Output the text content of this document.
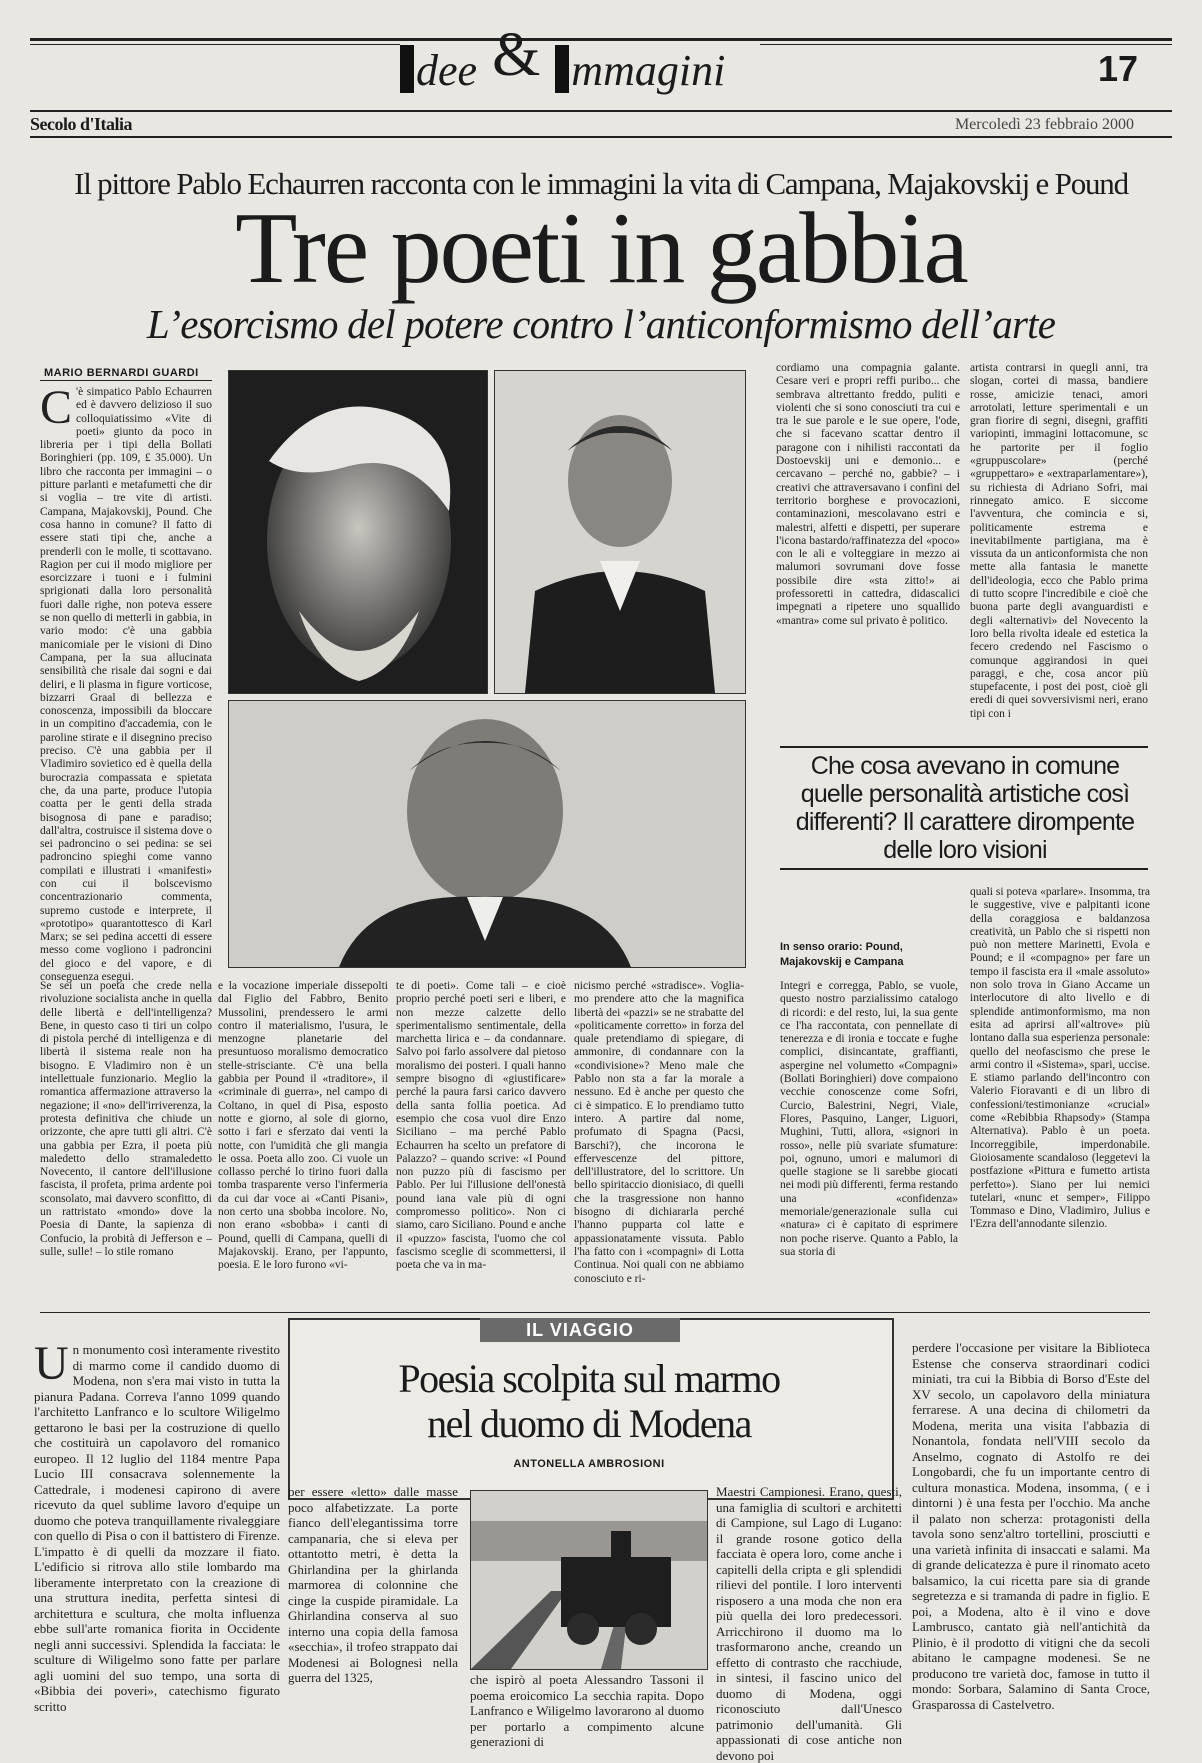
dee & mmagini	17
Secolo d'Italia	Mercoledì 23 febbraio 2000
Il pittore Pablo Echaurren racconta con le immagini la vita di Campana, Majakovskij e Pound
Tre poeti in gabbia
L’esorcismo del potere contro l’anticonformismo dell’arte
MARIO BERNARDI GUARDI

C 'è simpatico Pablo Echaurren ed è davvero delizioso il suo colloquiatissimo «Vite di poeti» giunto da poco in libreria per i tipi della Bollati Boringhieri (pp. 109, £ 35.000). Un libro che racconta per immagini – o pitture parlanti e metafumetti che dir si voglia – tre vite di artisti. Campana, Majakovskij, Pound. Che cosa hanno in comune? Il fatto di essere stati tipi che, anche a prenderli con le molle, ti scottavano. Ragion per cui il modo migliore per esorcizzare i tuoni e i fulmini sprigionati dalla loro personalità fuori dalle righe, non poteva essere se non quello di metterli in gabbia, in vario modo: c'è una gabbia manicomiale per le visioni di Dino Campana, per la sua allucinata sensibilità che risale dai sogni e dai deliri, e li plasma in figure vorticose, bizzarri Graal di bellezza e conoscenza, impossibili da bloccare in un compitino d'accademia, con le paroline stirate e il disegnino preciso preciso. C'è una gabbia per il Vladimiro sovietico ed è quella della burocrazia compassata e spietata che, da una parte, produce l'utopia coatta per le genti della strada bisognosa di pane e paradiso; dall'altra, costruisce il sistema dove o sei padroncino o sei pedina: se sei padroncino spieghi come vanno compilati e illustrati i «manifesti» con cui il bolscevismo concentrazionario commenta, supremo custode e interprete, il «prototipo» quarantottesco di Karl Marx; se sei pedina accetti di essere messo come vogliono i padroncini del gioco e del vapore, e di conseguenza esegui.

Se sei un poeta che crede nella rivoluzione socialista anche in quella delle libertà e dell'intelligenza? Bene, in questo caso ti tiri un colpo di pistola perché di intelligenza e di libertà il sistema reale non ha bisogno. E Vladimiro non è un intellettuale funzionario. Meglio la romantica affermazione attraverso la negazione; il «no» dell'irriverenza, la protesta definitiva che chiude un orizzonte, che apre tutti gli altri. C'è una gabbia per Ezra, il poeta più maledetto dello stramaledetto Novecento, il cantore dell'illusione fascista, il profeta, prima ardente poi sconsolato, mai davvero sconfitto, di un rattristato «mondo» dove la Poesia di Dante, la sapienza di Confucio, la probità di Jefferson e – sulle, sulle! – lo stile romano

e la vocazione imperiale dissepolti dal Figlio del Fabbro, Benito Mussolini, prendessero le armi contro il materialismo, l'usura, le menzogne planetarie del presuntuoso moralismo democratico stelle-strisciante. C'è una bella gabbia per Pound il «traditore», il «criminale di guerra», nel campo di Coltano, in quel di Pisa, esposto notte e giorno, al sole di giorno, sotto i fari e sferzato dai venti la notte, con l'umidità che gli mangia le ossa. Poeta allo zoo. Ci vuole un collasso perché lo tirino fuori dalla tomba trasparente verso l'infermeria da cui dar voce ai «Canti Pisani», non certo una sbobba incolore. No, non erano «sbobba» i canti di Pound, quelli di Campana, quelli di Majakovskij. Erano, per l'appunto, poesia. E le loro furono «vi-

te di poeti». Come tali – e cioè proprio perché poeti seri e liberi, e non mezze calzette dello sperimentalismo sentimentale, della marchetta lirica e – da condannare. Salvo poi farlo assolvere dal pietoso moralismo dei posteri. I quali hanno sempre bisogno di «giustificare» perché la paura farsi carico davvero della santa follia poetica. Ad esempio che cosa vuol dire Enzo Siciliano – ma perché Pablo Echaurren ha scelto un prefatore di Palazzo? – quando scrive: «I Pound non puzzo più di fascismo per Pablo. Per lui l'illusione dell'onestà pound iana vale più di ogni compromesso politico». Non ci siamo, caro Siciliano. Pound e anche il «puzzo» fascista, l'uomo che col fascismo sceglie di scommettersi, il poeta che va in ma-

nicismo perché «stradisce». Voglia-mo prendere atto che la magnifica libertà dei «pazzi» se ne strabatte del «politicamente corretto» in forza del quale pretendiamo di spiegare, di ammonire, di condannare con la «condivisione»? Meno male che Pablo non sta a far la morale a nessuno. Ed è anche per questo che ci è simpatico. E lo prendiamo tutto intero. A partire dal nome, profumato di Spagna (Pacsi, Barschi?), che incorona le effervescenze del pittore, dell'illustratore, del lo scrittore. Un bello spiritaccio dionisiaco, di quelli che la trasgressione non hanno bisogno di dichiararla perché l'hanno pupparta col latte e appassionatamente vissuta. Pablo l'ha fatto con i «compagni» di Lotta Continua. Noi quali con ne abbiamo conosciuto e ri-

cordiamo una compagnia galante. Cesare veri e propri reffi puribo... che sembrava altrettanto freddo, puliti e violenti che si sono conosciuti tra cui e tra le sue parole e le sue opere, l'ode, che si facevano scattar dentro il paragone con i nihilisti raccontati da Dostoevskij uni e demonio... e cercavano – perché no, gabbie? – i creativi che attraversavano i confini del territorio borghese e provocazioni, contaminazioni, mescolavano estri e malestri, alfetti e dispetti, per superare l'icona bastardo/raffinatezza del «poco» con le ali e volteggiare in mezzo ai malumori sovrumani dove fosse possibile dire «sta zitto!» ai professoretti in cattedra, didascalici impegnati a ripetere uno squallido «mantra» come sul privato è politico.

artista contrarsi in quegli anni, tra slogan, cortei di massa, bandiere rosse, amicizie tenaci, amori arrotolati, letture sperimentali e un gran fiorire di segni, disegni, graffiti variopinti, immagini lottacomune, sc he partorite per il foglio «gruppuscolare» (perché «gruppettaro» e «extraparlamentare»), su richiesta di Adriano Sofri, mai rinnegato amico. E siccome l'avventura, che comincia e si, politicamente estrema e inevitabilmente partigiana, ma è vissuta da un anticonformista che non mette alla fantasia le manette dell'ideologia, ecco che Pablo prima di tutto scopre l'incredibile e cioè che buona parte degli avanguardisti e degli «alternativi» del Novecento la loro bella rivolta ideale ed estetica la fecero credendo nel Fascismo o comunque aggirandosi in quei paraggi, e che, cosa ancor più stupefacente, i post dei post, cioè gli eredi di quei sovversivismi neri, erano tipi con i

Che cosa avevano in comune quelle personalità artistiche così differenti? Il carattere dirompente delle loro visioni
In senso orario: Pound, Majakovskij e Campana

Integri e corregga, Pablo, se vuole, questo nostro parzialissimo catalogo di ricordi: e del resto, lui, la sua gente ce l'ha raccontata, con pennellate di tenerezza e di ironia e toccate e fughe complici, disincantate, graffianti, aspergine nel volumetto «Compagni» (Bollati Boringhieri) dove compaiono vecchie conoscenze come Sofri, Curcio, Balestrini, Negri, Viale, Flores, Pasquino, Langer, Liguori, Mughini, Tutti, allora, «signori in rosso», nelle più svariate sfumature: poi, ognuno, umori e malumori di quelle stagione se li sarebbe giocati nei modi più differenti, ferma restando una «confidenza» memoriale/generazionale sulla cui «natura» ci è capitato di esprimere non poche riserve. Quanto a Pablo, la sua storia di

quali si poteva «parlare». Insomma, tra le suggestive, vive e palpitanti icone della coraggiosa e baldanzosa creatività, un Pablo che si rispetti non può non mettere Marinetti, Evola e Pound; e il «compagno» per fare un tempo il fascista era il «male assoluto» non solo trova in Giano Accame un interlocutore di alto livello e di splendide antimonformismo, ma non esita ad aprirsi all'«altrove» più lontano dalla sua esperienza personale: quello del neofascismo che prese le armi contro il «Sistema», spari, uccise. E stiamo parlando dell'incontro con Valerio Fioravanti e di un libro di confessioni/testimonianze «crucial» come «Rebibbia Rhapsody» (Stampa Alternativa). Pablo è un poeta. Incorreggibile, imperdonabile. Gioiosamente scandaloso (leggetevi la postfazione «Pittura e fumetto artista perfetto»). Siano per lui nemici tutelari, «nunc et semper», Filippo Tommaso e Dino, Vladimiro, Julius e l'Ezra dell'annodante silenzio.

IL VIAGGIO
Poesia scolpita sul marmo
nel duomo di Modena
ANTONELLA AMBROSIONI

Un monumento così interamente rivestito di marmo come il candido duomo di Modena, non s'era mai visto in tutta la pianura Padana. Correva l'anno 1099 quando l'architetto Lanfranco e lo scultore Wiligelmo gettarono le basi per la costruzione di quello che costituirà un capolavoro del romanico europeo. Il 12 luglio del 1184 mentre Papa Lucio III consacrava solennemente la Cattedrale, i modenesi capirono di avere ricevuto da quel sublime lavoro d'equipe un duomo che poteva tranquillamente rivaleggiare con quello di Pisa o con il battistero di Firenze. L'impatto è di quelli da mozzare il fiato. L'edificio si ritrova allo stile lombardo ma liberamente interpretato con la creazione di una struttura inedita, perfetta sintesi di architettura e scultura, che molta influenza ebbe sull'arte romanica fiorita in Occidente negli anni successivi. Splendida la facciata: le sculture di Wiligelmo sono fatte per parlare agli uomini del suo tempo, una sorta di «Bibbia dei poveri», catechismo figurato scritto

per essere «letto» dalle masse poco alfabetizzate. La porte fianco dell'elegantissima torre campanaria, che si eleva per ottantotto metri, è detta la Ghirlandina per la ghirlanda marmorea di colonnine che cinge la cuspide piramidale. La Ghirlandina conserva al suo interno una copia della famosa «secchia», il trofeo strappato dai Modenesi ai Bolognesi nella guerra del 1325,	che ispirò al poeta Alessandro Tassoni il poema eroicomico La secchia rapita. Dopo Lanfranco e Wiligelmo lavorarono al duomo per portarlo a compimento alcune generazioni di

Maestri Campionesi. Erano, questi, una famiglia di scultori e architetti di Campione, sul Lago di Lugano: il grande rosone gotico della facciata è opera loro, come anche i capitelli della cripta e gli splendidi rilievi del pontile. I loro interventi risposero a una moda che non era più quella dei loro predecessori. Arricchirono il duomo ma lo trasformarono anche, creando un effetto di contrasto che racchiude, in sintesi, il fascino unico del duomo di Modena, oggi riconosciuto dall'Unesco patrimonio dell'umanità. Gli appassionati di cose antiche non devono poi

perdere l'occasione per visitare la Biblioteca Estense che conserva straordinari codici miniati, tra cui la Bibbia di Borso d'Este del XV secolo, un capolavoro della miniatura ferrarese. A una decina di chilometri da Modena, merita una visita l'abbazia di Nonantola, fondata nell'VIII secolo da Anselmo, cognato di Astolfo re dei Longobardi, che fu un importante centro di cultura monastica. Modena, insomma, ( e i dintorni ) è una festa per l'occhio. Ma anche il palato non scherza: protagonisti della tavola sono senz'altro tortellini, prosciutti e una varietà infinita di insaccati e salami. Ma di grande delicatezza è pure il rinomato aceto balsamico, la cui ricetta pare sia di grande segretezza e si tramanda di padre in figlio. E poi, a Modena, alto è il vino e dove Lambrusco, cantato già nell'antichità da Plinio, è il prodotto di vitigni che da secoli abitano le campagne modenesi. Se ne producono tre varietà doc, famose in tutto il mondo: Sorbara, Salamino di Santa Croce, Grasparossa di Castelvetro.
